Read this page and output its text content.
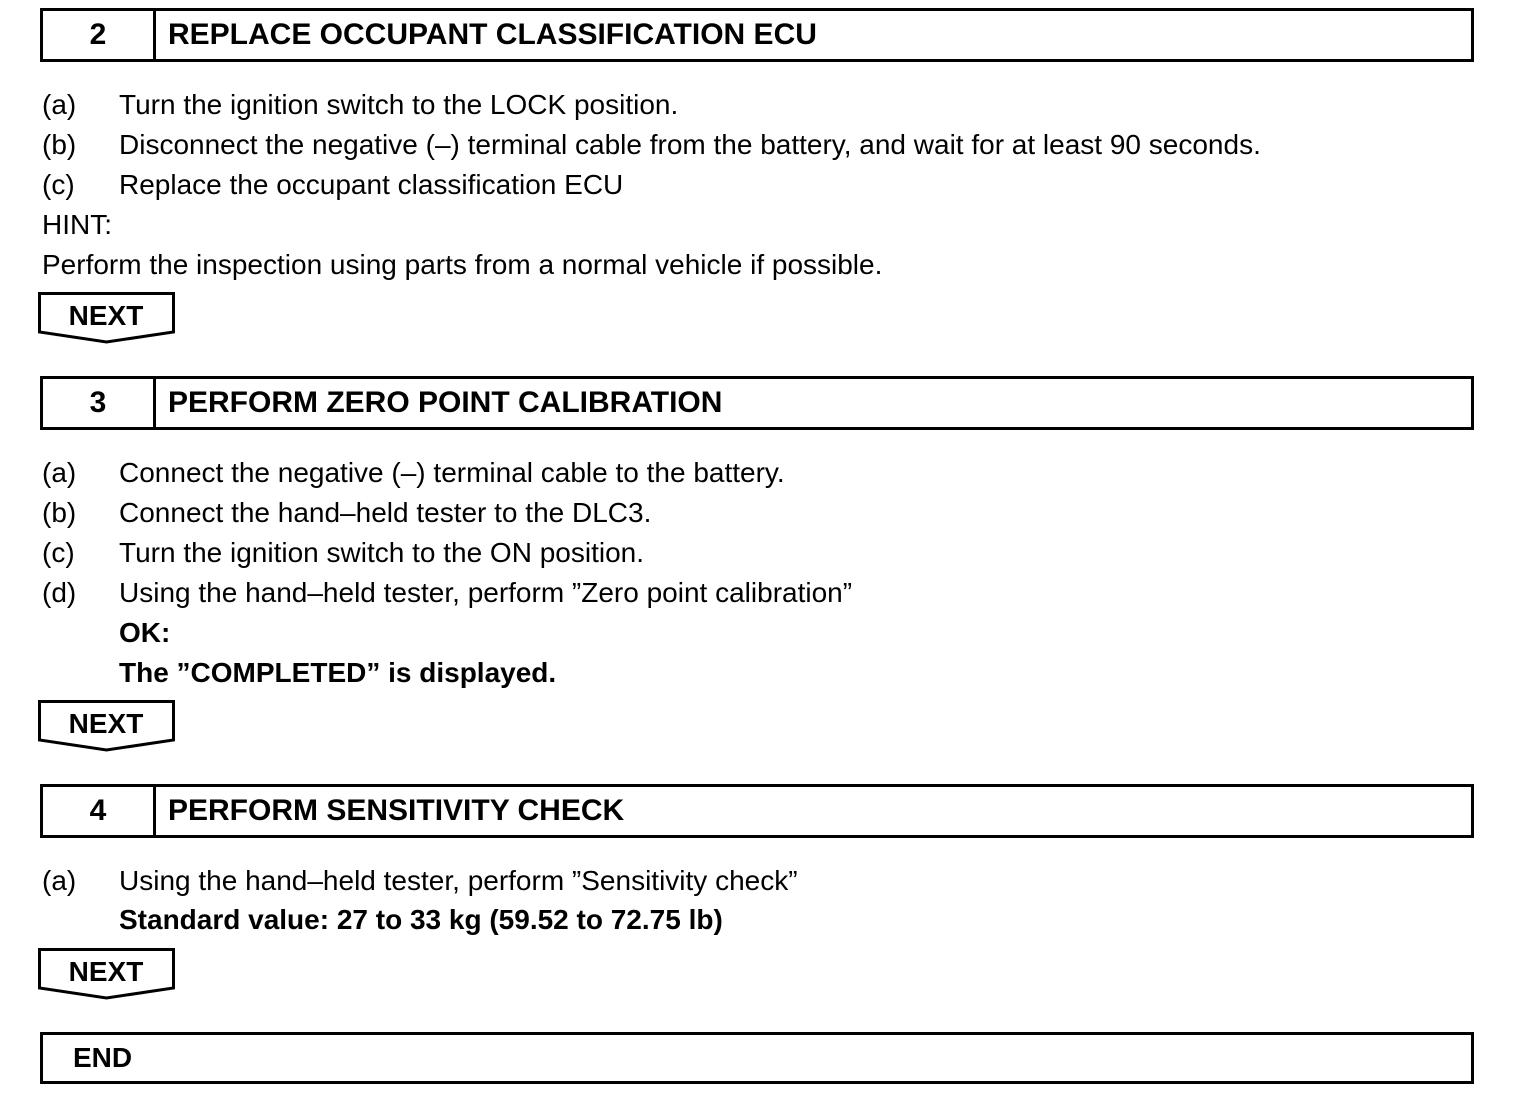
2	REPLACE OCCUPANT CLASSIFICATION ECU
(a) Turn the ignition switch to the LOCK position.
(b) Disconnect the negative (–) terminal cable from the battery, and wait for at least 90 seconds.
(c) Replace the occupant classification ECU
HINT:
Perform the inspection using parts from a normal vehicle if possible.
NEXT
3	PERFORM ZERO POINT CALIBRATION
(a) Connect the negative (–) terminal cable to the battery.
(b) Connect the hand–held tester to the DLC3.
(c) Turn the ignition switch to the ON position.
(d) Using the hand–held tester, perform ”Zero point calibration”
OK:
The ”COMPLETED” is displayed.
NEXT
4	PERFORM SENSITIVITY CHECK
(a) Using the hand–held tester, perform ”Sensitivity check”
Standard value: 27 to 33 kg (59.52 to 72.75 lb)
NEXT
END
